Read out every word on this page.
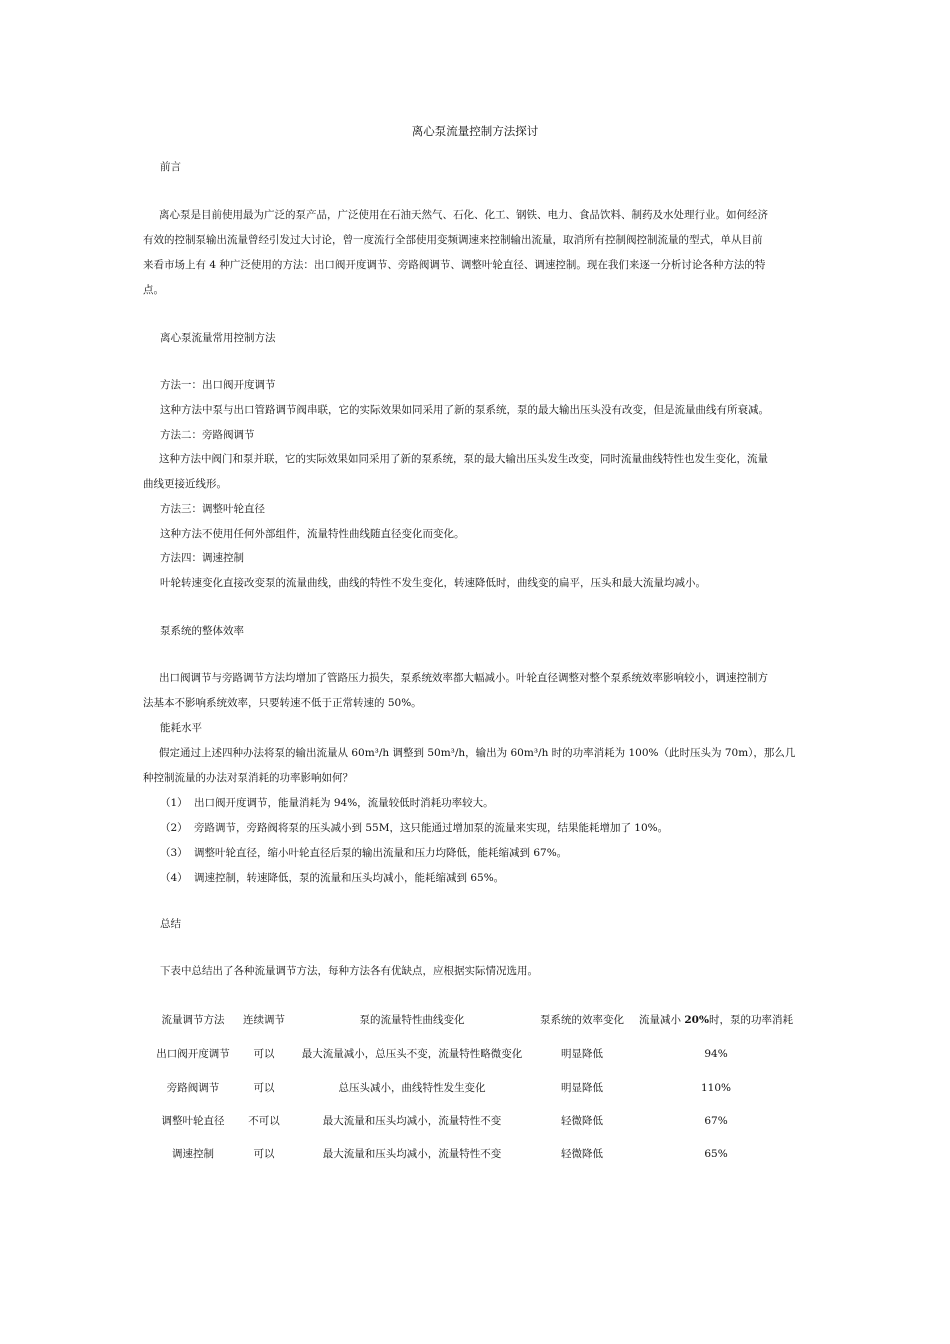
离心泵流量控制方法探讨
前言
离心泵是目前使用最为广泛的泵产品，广泛使用在石油天然气、石化、化工、钢铁、电力、食品饮料、制药及水处理行业。如何经济
有效的控制泵输出流量曾经引发过大讨论，曾一度流行全部使用变频调速来控制输出流量，取消所有控制阀控制流量的型式，单从目前
来看市场上有 4 种广泛使用的方法：出口阀开度调节、旁路阀调节、调整叶轮直径、调速控制。现在我们来逐一分析讨论各种方法的特
点。
离心泵流量常用控制方法
方法一：出口阀开度调节
这种方法中泵与出口管路调节阀串联，它的实际效果如同采用了新的泵系统，泵的最大输出压头没有改变，但是流量曲线有所衰减。
方法二：旁路阀调节
这种方法中阀门和泵并联，它的实际效果如同采用了新的泵系统，泵的最大输出压头发生改变，同时流量曲线特性也发生变化，流量
曲线更接近线形。
方法三：调整叶轮直径
这种方法不使用任何外部组件，流量特性曲线随直径变化而变化。
方法四：调速控制
叶轮转速变化直接改变泵的流量曲线，曲线的特性不发生变化，转速降低时，曲线变的扁平，压头和最大流量均减小。
泵系统的整体效率
出口阀调节与旁路调节方法均增加了管路压力损失，泵系统效率都大幅减小。叶轮直径调整对整个泵系统效率影响较小，调速控制方
法基本不影响系统效率，只要转速不低于正常转速的 50%。
能耗水平
假定通过上述四种办法将泵的输出流量从 60m³/h 调整到 50m³/h，输出为 60m³/h 时的功率消耗为 100%（此时压头为 70m），那么几
种控制流量的办法对泵消耗的功率影响如何？
（1） 出口阀开度调节，能量消耗为 94%，流量较低时消耗功率较大。
（2） 旁路调节，旁路阀将泵的压头减小到 55M，这只能通过增加泵的流量来实现，结果能耗增加了 10%。
（3） 调整叶轮直径，缩小叶轮直径后泵的输出流量和压力均降低，能耗缩减到 67%。
（4） 调速控制，转速降低，泵的流量和压头均减小，能耗缩减到 65%。
总结
下表中总结出了各种流量调节方法，每种方法各有优缺点，应根据实际情况选用。
流量调节方法	连续调节	泵的流量特性曲线变化	泵系统的效率变化	流量减小 20%时，泵的功率消耗
出口阀开度调节	可以	最大流量减小，总压头不变，流量特性略微变化	明显降低	94%
旁路阀调节	可以	总压头减小，曲线特性发生变化	明显降低	110%
调整叶轮直径	不可以	最大流量和压头均减小，流量特性不变	轻微降低	67%
调速控制	可以	最大流量和压头均减小，流量特性不变	轻微降低	65%
